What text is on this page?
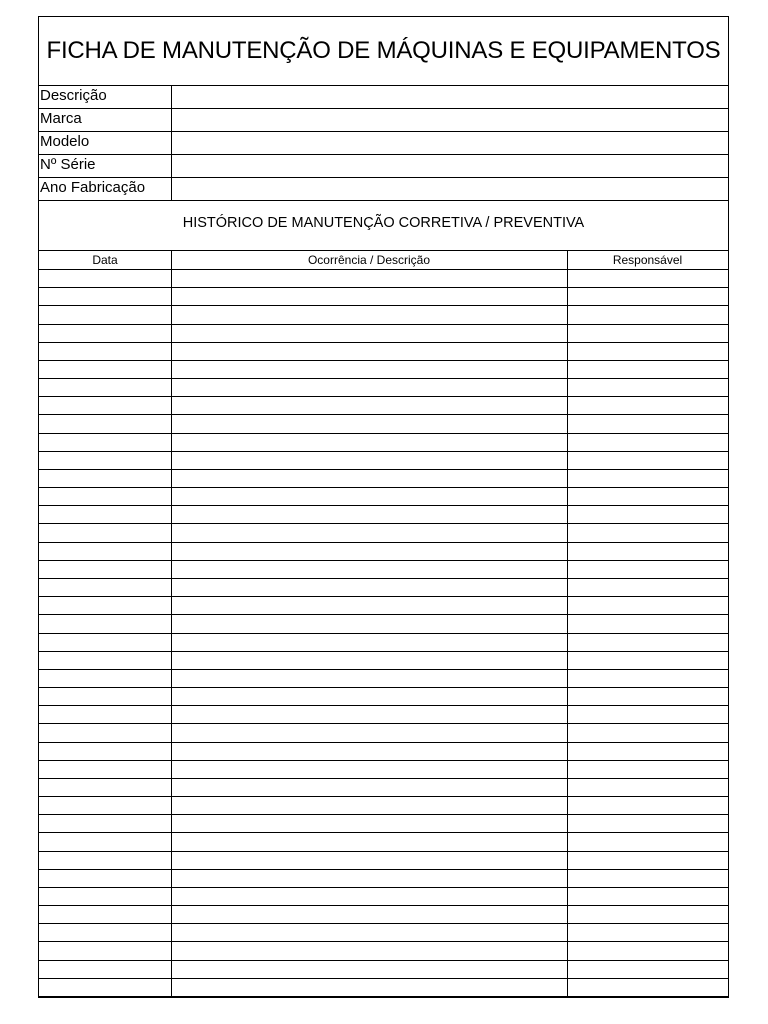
FICHA DE MANUTENÇÃO DE MÁQUINAS E EQUIPAMENTOS
Descrição
Marca
Modelo
Nº Série
Ano Fabricação
HISTÓRICO DE MANUTENÇÃO CORRETIVA / PREVENTIVA
Data	Ocorrência / Descrição	Responsável
